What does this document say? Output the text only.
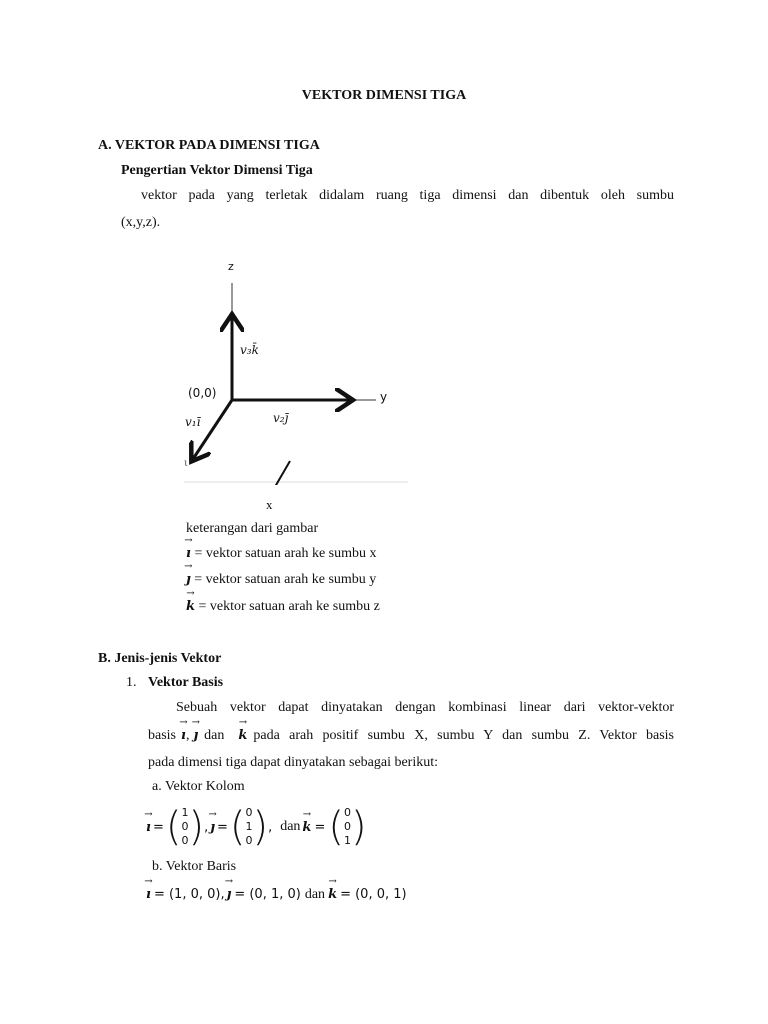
VEKTOR DIMENSI TIGA
A. VEKTOR PADA DIMENSI TIGA
Pengertian Vektor Dimensi Tiga
vektor pada yang terletak didalam ruang tiga dimensi dan dibentuk oleh sumbu
(x,y,z).
z
y
(0,0)
v₃k̄
v₂j̄
v₁ī
ι
x
keterangan dari gambar
→ ı = vektor satuan arah ke sumbu x
→ ȷ = vektor satuan arah ke sumbu y
→ k = vektor satuan arah ke sumbu z
B. Jenis-jenis Vektor
1. Vektor Basis
Sebuah vektor dapat dinyatakan dengan kombinasi linear dari vektor-vektor
basis → ı , → ȷ dan → k pada arah positif sumbu X, sumbu Y dan sumbu Z. Vektor basis
pada dimensi tiga dapat dinyatakan sebagai berikut:
a. Vektor Kolom
→ ı = ( 1
0
0 ) , → ȷ = ( 0
1
0 ) , dan → k = ( 0
0
1 )
b. Vektor Baris
→ ı = (1, 0, 0), → ȷ = (0, 1, 0) dan → k = (0, 0, 1)
